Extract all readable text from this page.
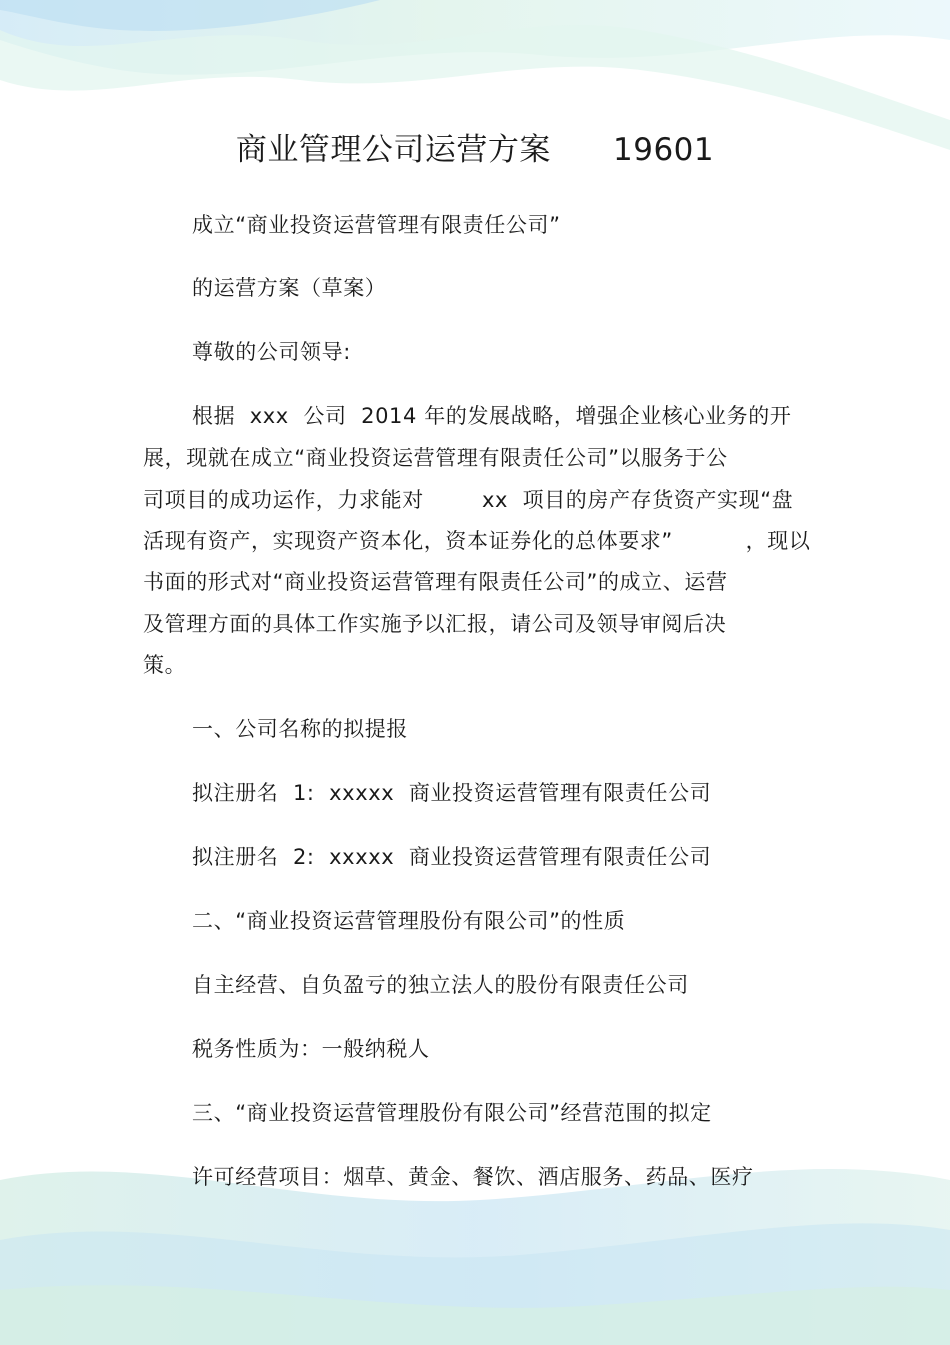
商业管理公司运营方案      19601
成立“商业投资运营管理有限责任公司”
的运营方案（草案）
尊敬的公司领导:
根据  xxx  公司  2014 年的发展战略，增强企业核心业务的开
展，现就在成立“商业投资运营管理有限责任公司”以服务于公
司项目的成功运作，力求能对        xx  项目的房产存货资产实现“盘
活现有资产，实现资产资本化，资本证券化的总体要求”          ，现以
书面的形式对“商业投资运营管理有限责任公司”的成立、运营
及管理方面的具体工作实施予以汇报，请公司及领导审阅后决
策。
一、公司名称的拟提报
拟注册名  1:  xxxxx  商业投资运营管理有限责任公司
拟注册名  2:  xxxxx  商业投资运营管理有限责任公司
二、“商业投资运营管理股份有限公司”的性质
自主经营、自负盈亏的独立法人的股份有限责任公司
税务性质为：一般纳税人
三、“商业投资运营管理股份有限公司”经营范围的拟定
许可经营项目：烟草、黄金、餐饮、酒店服务、药品、医疗
